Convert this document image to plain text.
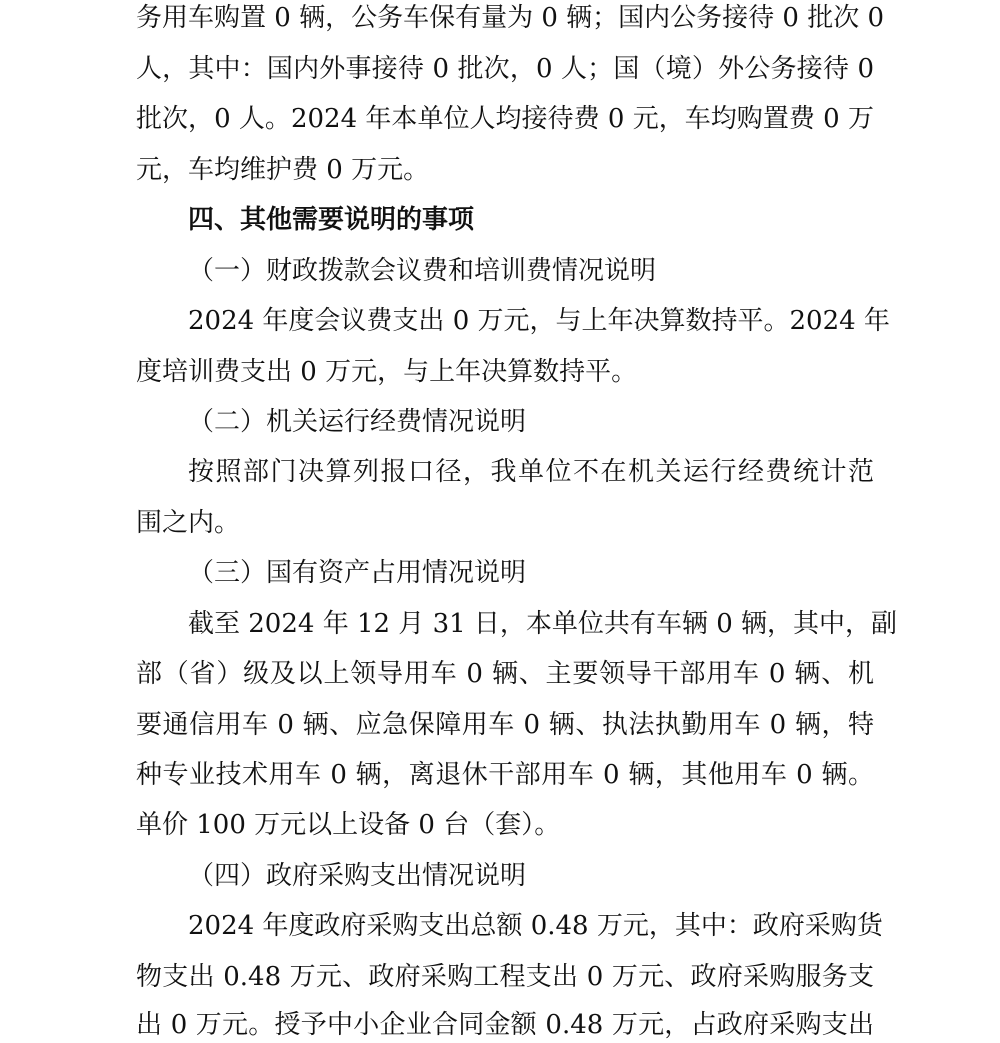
务用车购置 0 辆，公务车保有量为 0 辆；国内公务接待 0 批次 0
人，其中：国内外事接待 0 批次，0 人；国（境）外公务接待 0
批次，0 人。2024 年本单位人均接待费 0 元，车均购置费 0 万
元，车均维护费 0 万元。
四、其他需要说明的事项
（一）财政拨款会议费和培训费情况说明
2024 年度会议费支出 0 万元，与上年决算数持平。2024 年
度培训费支出 0 万元，与上年决算数持平。
（二）机关运行经费情况说明
按照部门决算列报口径，我单位不在机关运行经费统计范
围之内。
（三）国有资产占用情况说明
截至 2024 年 12 月 31 日，本单位共有车辆 0 辆，其中，副
部（省）级及以上领导用车 0 辆、主要领导干部用车 0 辆、机
要通信用车 0 辆、应急保障用车 0 辆、执法执勤用车 0 辆，特
种专业技术用车 0 辆，离退休干部用车 0 辆，其他用车 0 辆。
单价 100 万元以上设备 0 台（套）。
（四）政府采购支出情况说明
2024 年度政府采购支出总额 0.48 万元，其中：政府采购货
物支出 0.48 万元、政府采购工程支出 0 万元、政府采购服务支
出 0 万元。授予中小企业合同金额 0.48 万元，占政府采购支出
